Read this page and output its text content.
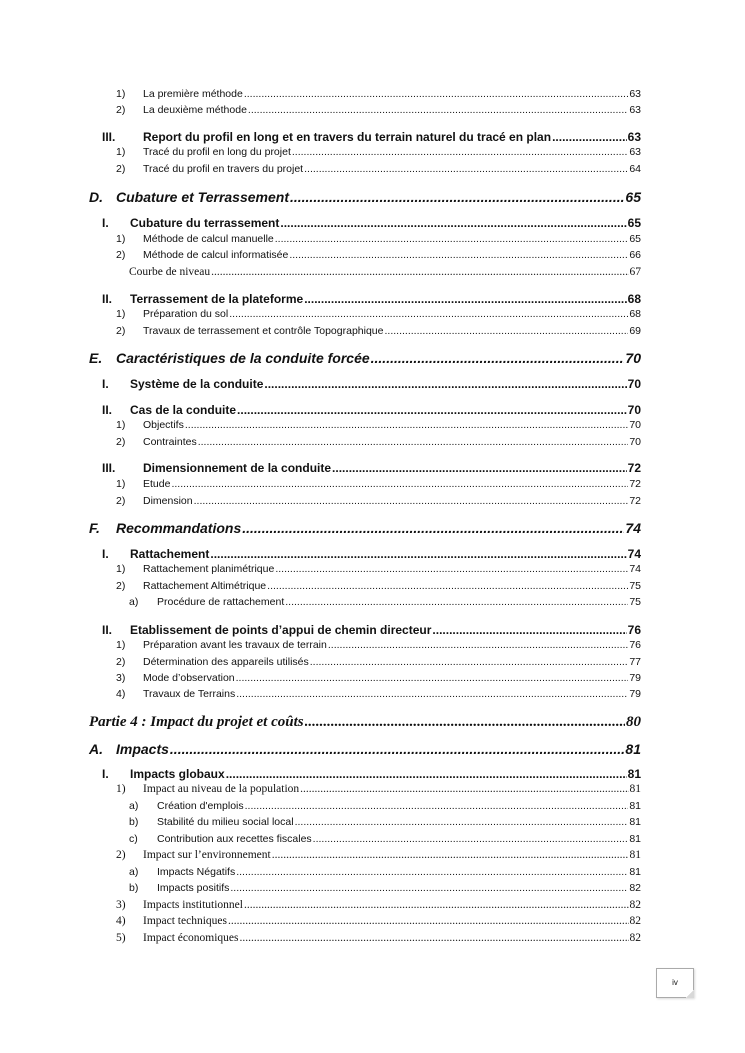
1)	La première méthode .....	63
2)	La deuxième méthode .....	63
III.	Report du profil en long et en travers du terrain naturel du tracé en plan .....	63
1)	Tracé du profil en long du projet .....	63
2)	Tracé du profil en travers du projet .....	64
D. Cubature et Terrassement .....	65
I.	Cubature du terrassement .....	65
1)	Méthode de calcul manuelle .....	65
2)	Méthode de calcul informatisée .....	66
Courbe de niveau .....	67
II.	Terrassement de la plateforme .....	68
1)	Préparation du sol .....	68
2)	Travaux de terrassement et contrôle Topographique .....	69
E. Caractéristiques de la conduite forcée .....	70
I.	Système de la conduite .....	70
II.	Cas de la conduite .....	70
1)	Objectifs .....	70
2)	Contraintes .....	70
III.	Dimensionnement de la conduite .....	72
1)	Etude .....	72
2)	Dimension .....	72
F.	Recommandations .....	74
I.	Rattachement .....	74
1)	Rattachement planimétrique .....	74
2)	Rattachement Altimétrique .....	75
a)	Procédure de rattachement .....	75
II.	Etablissement de points d’appui de chemin directeur .....	76
1)	Préparation avant les travaux de terrain .....	76
2)	Détermination des appareils utilisés .....	77
3)	Mode d’observation .....	79
4)	Travaux de Terrains .....	79
Partie 4 : Impact du projet et coûts .....	80
A. Impacts .....	81
I.	Impacts globaux .....	81
1)	Impact au niveau de la population .....	81
a)	Création d'emplois .....	81
b)	Stabilité du milieu social local .....	81
c)	Contribution aux recettes fiscales .....	81
2)	Impact sur l’environnement .....	81
a)	Impacts Négatifs .....	81
b)	Impacts positifs .....	82
3)	Impacts institutionnel .....	82
4)	Impact techniques .....	82
5)	Impact économiques .....	82
iv
